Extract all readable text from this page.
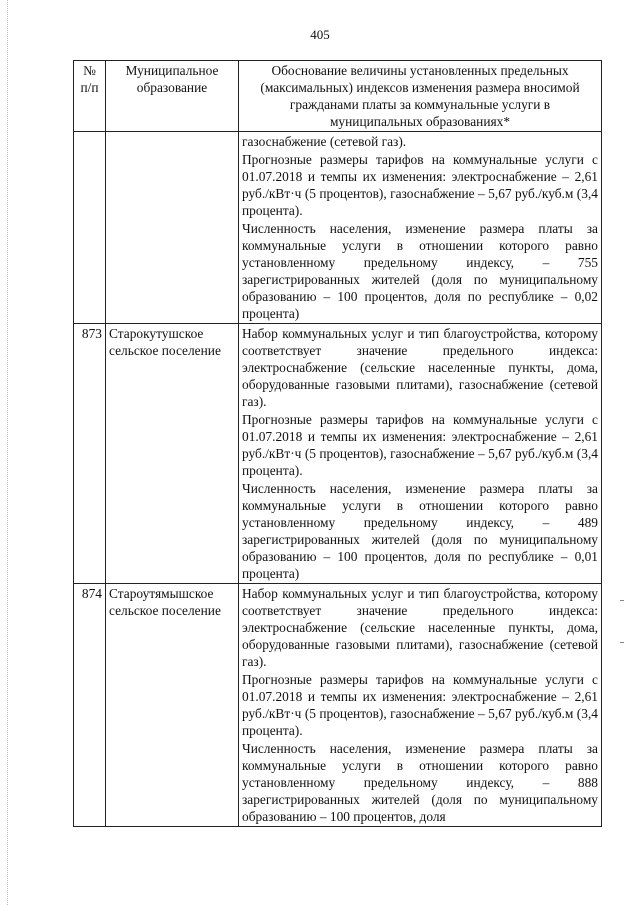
405
№ п/п	Муниципальное образование	Обоснование величины установленных предельных (максимальных) индексов изменения размера вносимой гражданами платы за коммунальные услуги в муниципальных образованиях*

		газоснабжение (сетевой газ).

Прогнозные размеры тарифов на коммунальные услуги с 01.07.2018 и темпы их изменения: электроснабжение – 2,61 руб./кВт·ч (5 процентов), газоснабжение – 5,67 руб./куб.м (3,4 процента).

Численность населения, изменение размера платы за коммунальные услуги в отношении которого равно установленному предельному индексу, – 755 зарегистрированных жителей (доля по муниципальному образованию – 100 процентов, доля по республике – 0,02 процента)

873	Старокутушское сельское поселение	Набор коммунальных услуг и тип благоустройства, которому соответствует значение предельного индекса: электроснабжение (сельские населенные пункты, дома, оборудованные газовыми плитами), газоснабжение (сетевой газ).

Прогнозные размеры тарифов на коммунальные услуги с 01.07.2018 и темпы их изменения: электроснабжение – 2,61 руб./кВт·ч (5 процентов), газоснабжение – 5,67 руб./куб.м (3,4 процента).

Численность населения, изменение размера платы за коммунальные услуги в отношении которого равно установленному предельному индексу, – 489 зарегистрированных жителей (доля по муниципальному образованию – 100 процентов, доля по республике – 0,01 процента)

874	Староутямышское сельское поселение	Набор коммунальных услуг и тип благоустройства, которому соответствует значение предельного индекса: электроснабжение (сельские населенные пункты, дома, оборудованные газовыми плитами), газоснабжение (сетевой газ).

Прогнозные размеры тарифов на коммунальные услуги с 01.07.2018 и темпы их изменения: электроснабжение – 2,61 руб./кВт·ч (5 процентов), газоснабжение – 5,67 руб./куб.м (3,4 процента).

Численность населения, изменение размера платы за коммунальные услуги в отношении которого равно установленному предельному индексу, – 888 зарегистрированных жителей (доля по муниципальному образованию – 100 процентов, доля
